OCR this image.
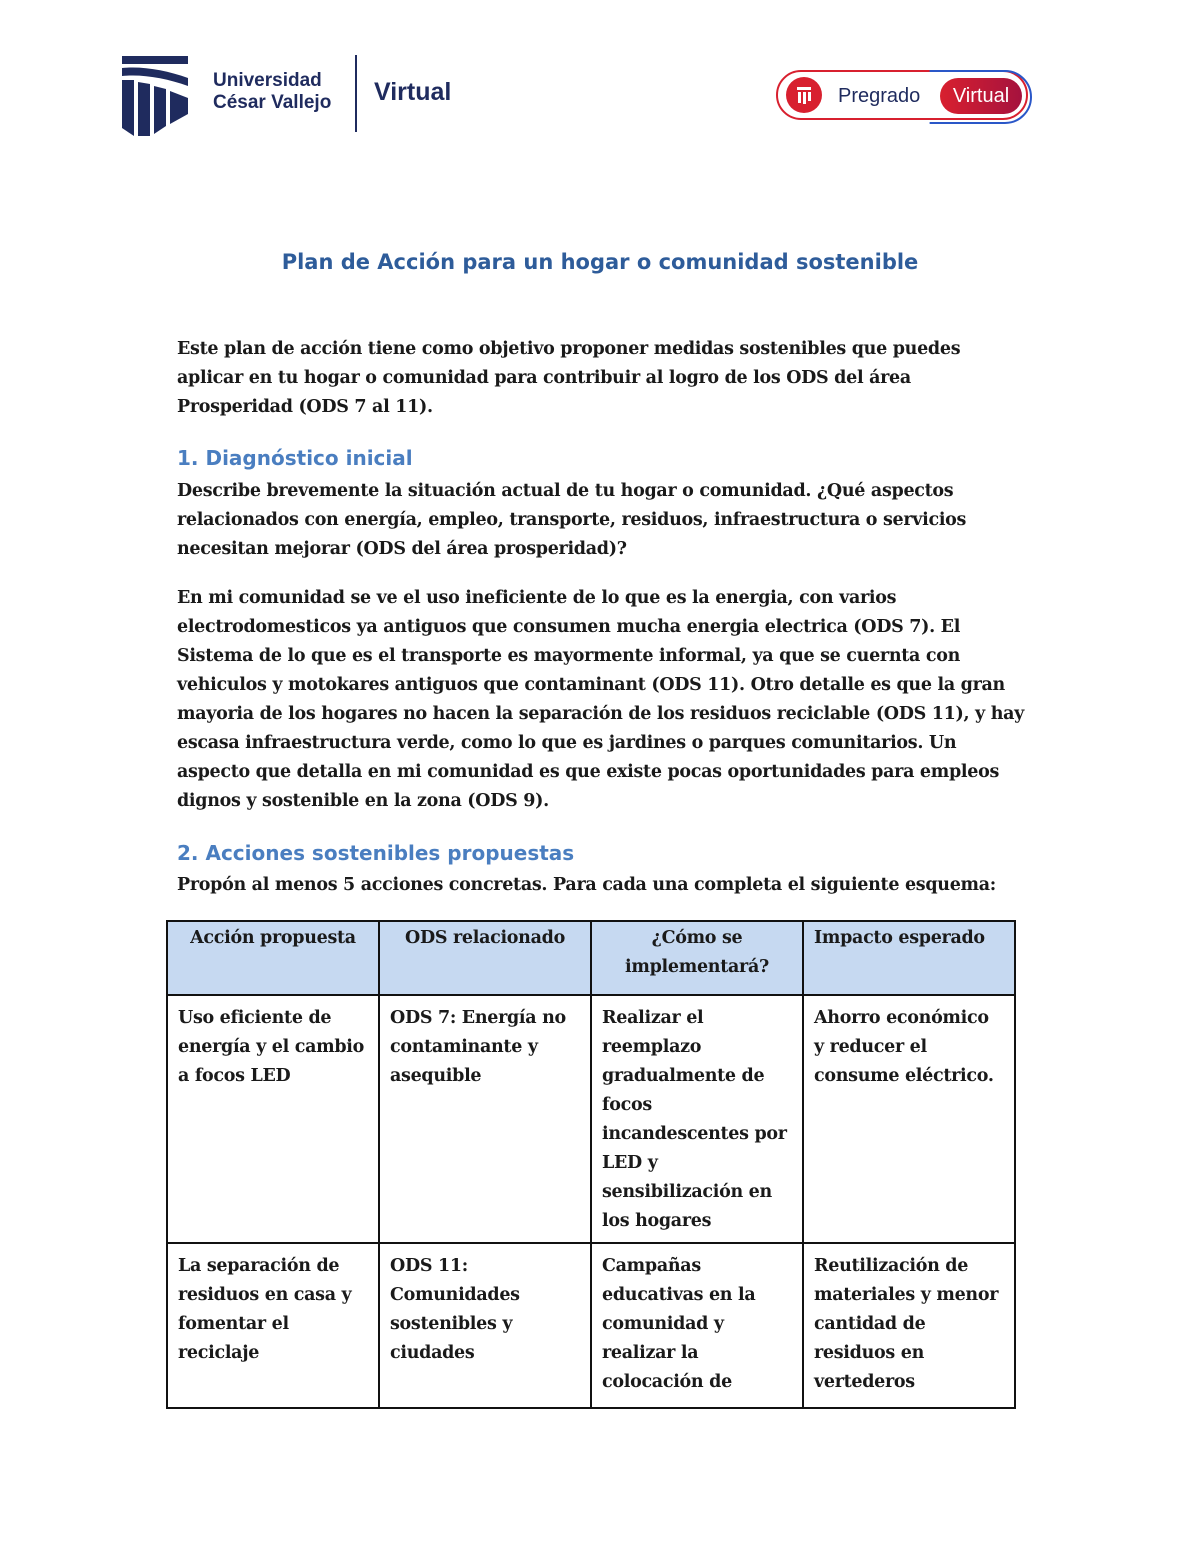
Universidad
César Vallejo Virtual	Pregrado	Virtual
Plan de Acción para un hogar o comunidad sostenible
Este plan de acción tiene como objetivo proponer medidas sostenibles que puedes aplicar en tu hogar o comunidad para contribuir al logro de los ODS del área Prosperidad (ODS 7 al 11).
1. Diagnóstico inicial
Describe brevemente la situación actual de tu hogar o comunidad. ¿Qué aspectos relacionados con energía, empleo, transporte, residuos, infraestructura o servicios necesitan mejorar (ODS del área prosperidad)?
En mi comunidad se ve el uso ineficiente de lo que es la energia, con varios electrodomesticos ya antiguos que consumen mucha energia electrica (ODS 7). El Sistema de lo que es el transporte es mayormente informal, ya que se cuernta con vehiculos y motokares antiguos que contaminant (ODS 11). Otro detalle es que la gran mayoria de los hogares no hacen la separación de los residuos reciclable (ODS 11), y hay escasa infraestructura verde, como lo que es jardines o parques comunitarios. Un aspecto que detalla en mi comunidad es que existe pocas oportunidades para empleos dignos y sostenible en la zona (ODS 9).
2. Acciones sostenibles propuestas
Propón al menos 5 acciones concretas. Para cada una completa el siguiente esquema:
Acción propuesta	ODS relacionado	¿Cómo se implementará?	Impacto esperado
Uso eficiente de energía y el cambio a focos LED	ODS 7: Energía no contaminante y asequible	Realizar el reemplazo gradualmente de focos incandescentes por LED y sensibilización en los hogares	Ahorro económico y reducer el consume eléctrico.
La separación de residuos en casa y fomentar el reciclaje	ODS 11: Comunidades sostenibles y ciudades	Campañas educativas en la comunidad y realizar la colocación de	Reutilización de materiales y menor cantidad de residuos en vertederos
